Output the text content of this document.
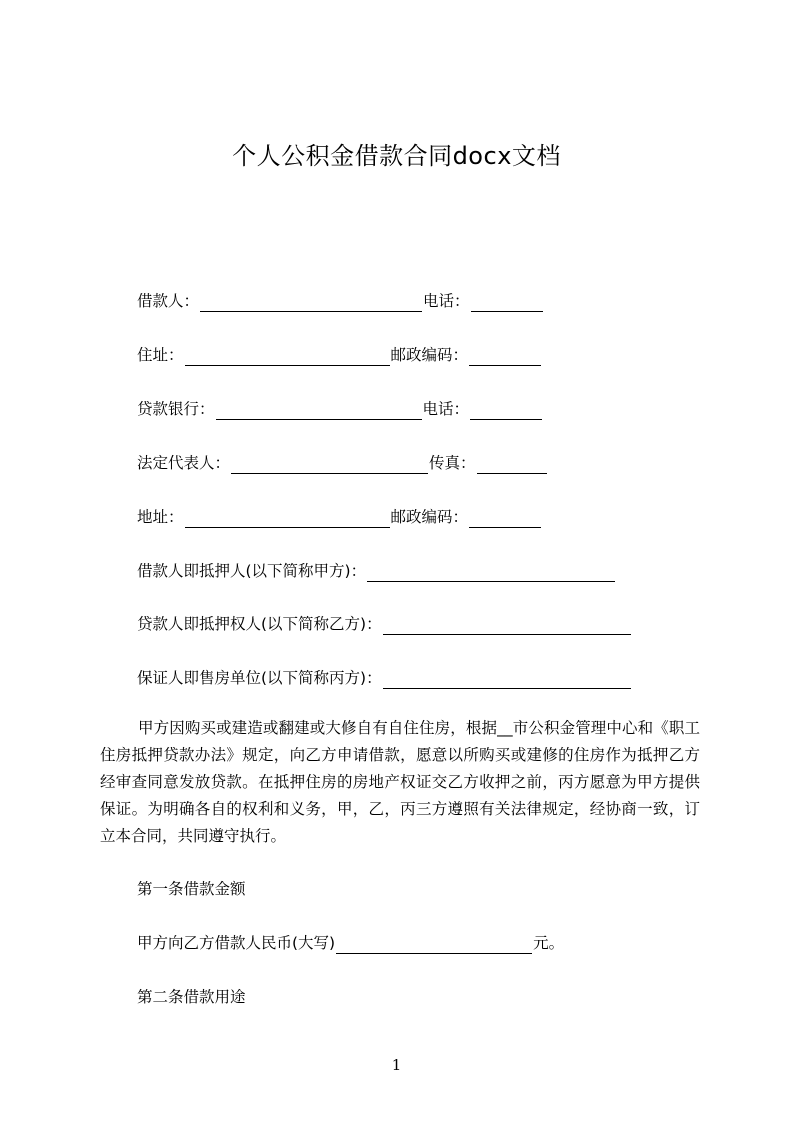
个人公积金借款合同docx文档
借款人：	电话：
住址：	邮政编码：
贷款银行：	电话：
法定代表人：	传真：
地址：	邮政编码：
借款人即抵押人(以下简称甲方)：
贷款人即抵押权人(以下简称乙方)：
保证人即售房单位(以下简称丙方)：
甲方因购买或建造或翻建或大修自有自住住房，根据__市公积金管理中心和《职工住房抵押贷款办法》规定，向乙方申请借款，愿意以所购买或建修的住房作为抵押乙方经审查同意发放贷款。在抵押住房的房地产权证交乙方收押之前，丙方愿意为甲方提供保证。为明确各自的权利和义务，甲，乙，丙三方遵照有关法律规定，经协商一致，订立本合同，共同遵守执行。
第一条借款金额
甲方向乙方借款人民币(大写)	元。
第二条借款用途
1
